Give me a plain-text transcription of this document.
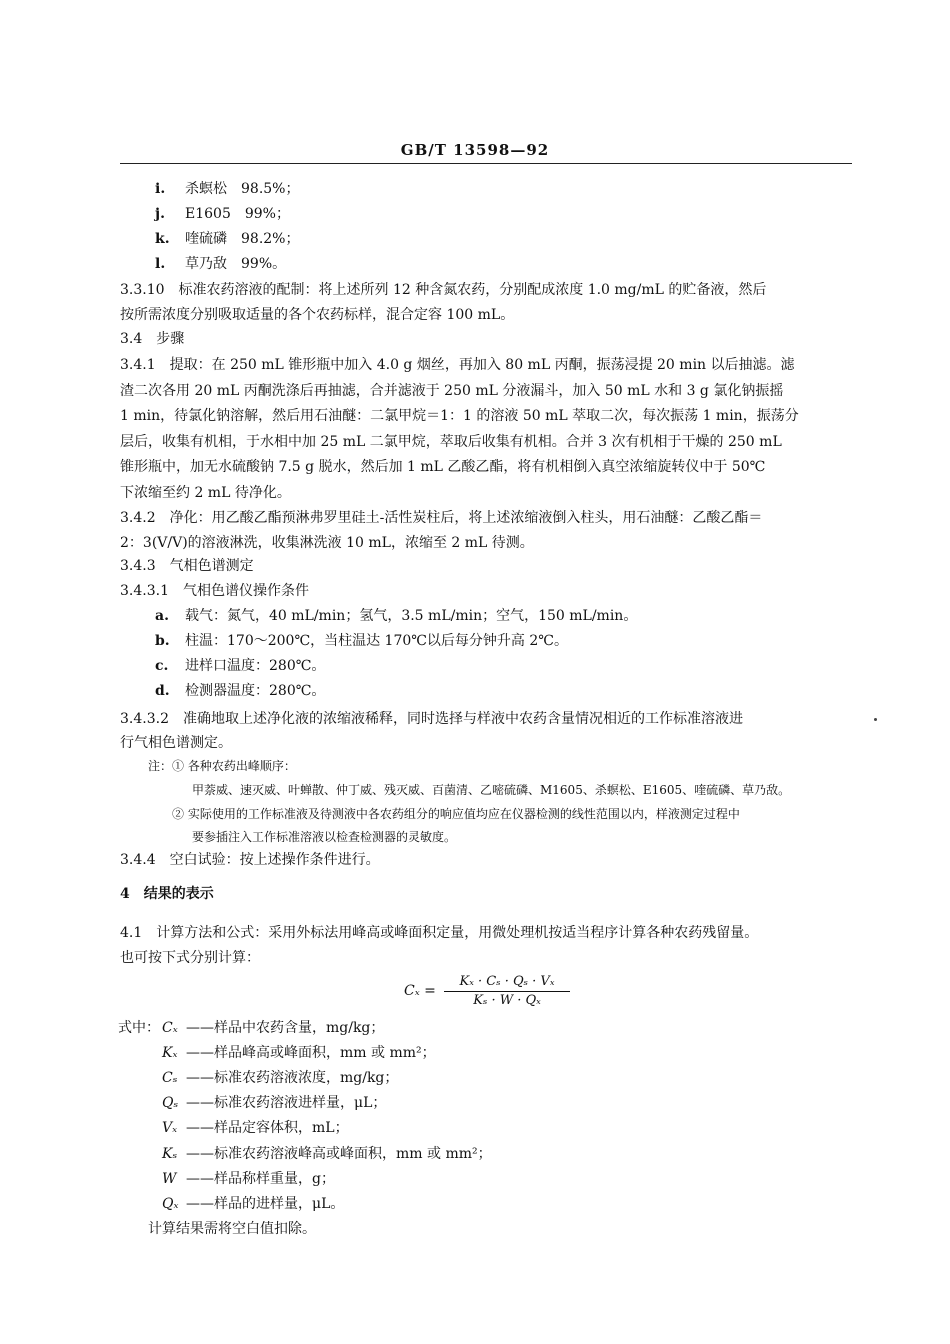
GB/T 13598—92
i. 杀螟松　98.5%；
j. E1605　99%；
k. 喹硫磷　98.2%；
l. 草乃敌　99%。
3.3.10　标准农药溶液的配制：将上述所列 12 种含氮农药，分别配成浓度 1.0 mg/mL 的贮备液，然后
按所需浓度分别吸取适量的各个农药标样，混合定容 100 mL。
3.4　步骤
3.4.1　提取：在 250 mL 锥形瓶中加入 4.0 g 烟丝，再加入 80 mL 丙酮，振荡浸提 20 min 以后抽滤。滤
渣二次各用 20 mL 丙酮洗涤后再抽滤，合并滤液于 250 mL 分液漏斗，加入 50 mL 水和 3 g 氯化钠振摇
1 min，待氯化钠溶解，然后用石油醚：二氯甲烷＝1：1 的溶液 50 mL 萃取二次，每次振荡 1 min，振荡分
层后，收集有机相，于水相中加 25 mL 二氯甲烷，萃取后收集有机相。合并 3 次有机相于干燥的 250 mL
锥形瓶中，加无水硫酸钠 7.5 g 脱水，然后加 1 mL 乙酸乙酯，将有机相倒入真空浓缩旋转仪中于 50℃
下浓缩至约 2 mL 待净化。
3.4.2　净化：用乙酸乙酯预淋弗罗里硅土-活性炭柱后，将上述浓缩液倒入柱头，用石油醚：乙酸乙酯＝
2：3(V/V)的溶液淋洗，收集淋洗液 10 mL，浓缩至 2 mL 待测。
3.4.3　气相色谱测定
3.4.3.1　气相色谱仪操作条件
a. 载气：氮气，40 mL/min；氢气，3.5 mL/min；空气，150 mL/min。
b. 柱温：170～200℃，当柱温达 170℃以后每分钟升高 2℃。
c. 进样口温度：280℃。
d. 检测器温度：280℃。
3.4.3.2　准确地取上述净化液的浓缩液稀释，同时选择与样液中农药含量情况相近的工作标准溶液进
行气相色谱测定。
注：① 各种农药出峰顺序：
甲萘威、速灭威、叶蝉散、仲丁威、残灭威、百菌清、乙嘧硫磷、M1605、杀螟松、E1605、喹硫磷、草乃敌。
② 实际使用的工作标准液及待测液中各农药组分的响应值均应在仪器检测的线性范围以内，样液测定过程中
要参插注入工作标准溶液以检查检测器的灵敏度。
3.4.4　空白试验：按上述操作条件进行。
4　结果的表示
4.1　计算方法和公式：采用外标法用峰高或峰面积定量，用微处理机按适当程序计算各种农药残留量。
也可按下式分别计算：
Cₓ =
Kₓ · Cₛ · Qₛ · Vₓ
Kₛ · W · Qₓ
式中： Cₓ ——样品中农药含量，mg/kg；
Kₓ ——样品峰高或峰面积，mm 或 mm²；
Cₛ ——标准农药溶液浓度，mg/kg；
Qₛ ——标准农药溶液进样量，μL；
Vₓ ——样品定容体积，mL；
Kₛ ——标准农药溶液峰高或峰面积，mm 或 mm²；
W ——样品称样重量，g；
Qₓ ——样品的进样量，μL。
计算结果需将空白值扣除。
